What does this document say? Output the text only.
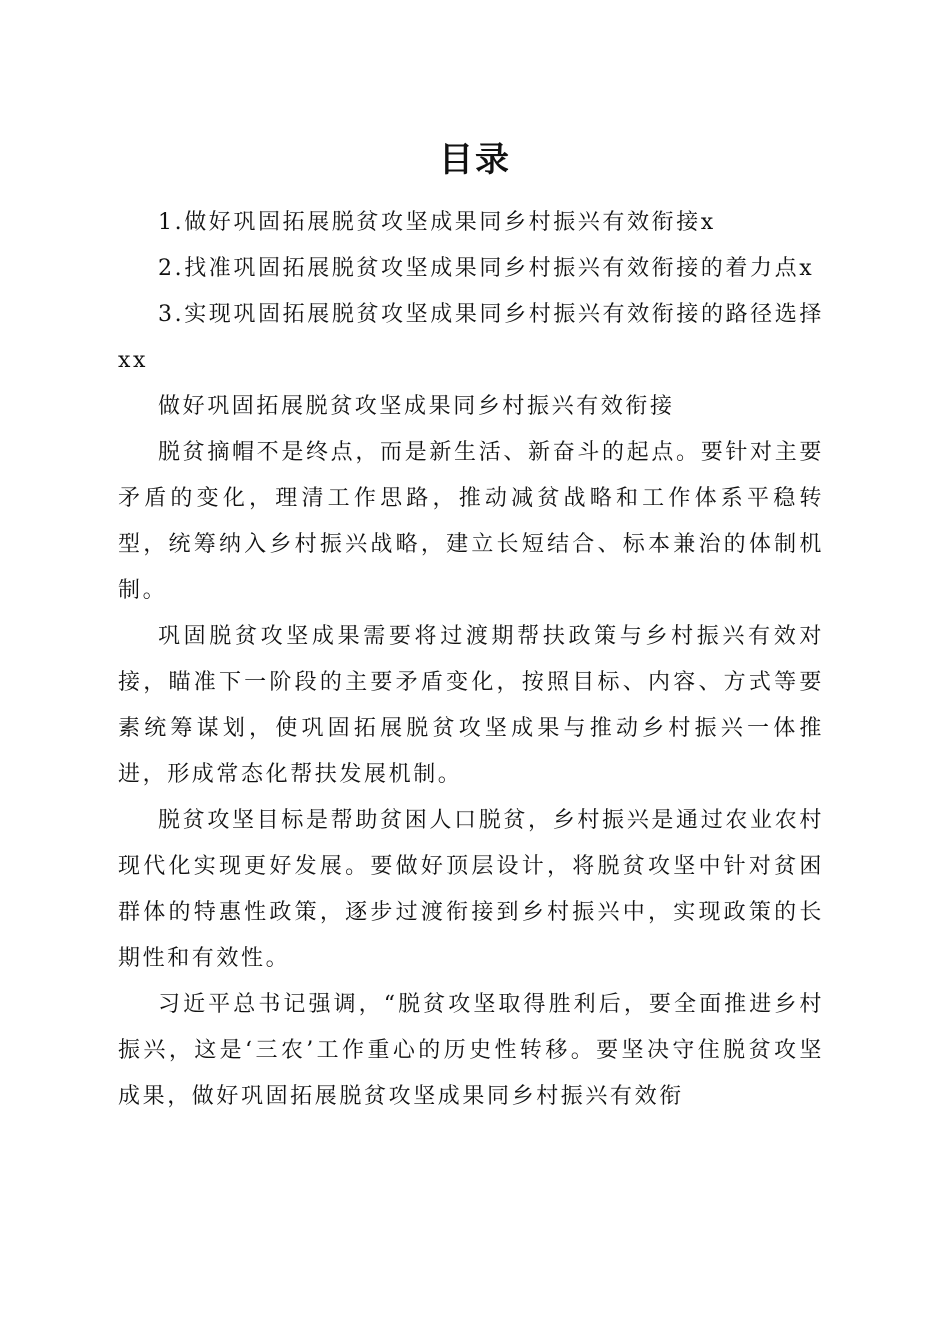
目录

1.做好巩固拓展脱贫攻坚成果同乡村振兴有效衔接x

2.找准巩固拓展脱贫攻坚成果同乡村振兴有效衔接的着力点x

3.实现巩固拓展脱贫攻坚成果同乡村振兴有效衔接的路径选择xx

做好巩固拓展脱贫攻坚成果同乡村振兴有效衔接

脱贫摘帽不是终点，而是新生活、新奋斗的起点。要针对主要矛盾的变化，理清工作思路，推动减贫战略和工作体系平稳转型，统筹纳入乡村振兴战略，建立长短结合、标本兼治的体制机制。

巩固脱贫攻坚成果需要将过渡期帮扶政策与乡村振兴有效对接，瞄准下一阶段的主要矛盾变化，按照目标、内容、方式等要素统筹谋划，使巩固拓展脱贫攻坚成果与推动乡村振兴一体推进，形成常态化帮扶发展机制。

脱贫攻坚目标是帮助贫困人口脱贫，乡村振兴是通过农业农村现代化实现更好发展。要做好顶层设计，将脱贫攻坚中针对贫困群体的特惠性政策，逐步过渡衔接到乡村振兴中，实现政策的长期性和有效性。

习近平总书记强调，“脱贫攻坚取得胜利后，要全面推进乡村振兴，这是‘三农’工作重心的历史性转移。要坚决守住脱贫攻坚成果，做好巩固拓展脱贫攻坚成果同乡村振兴有效衔
